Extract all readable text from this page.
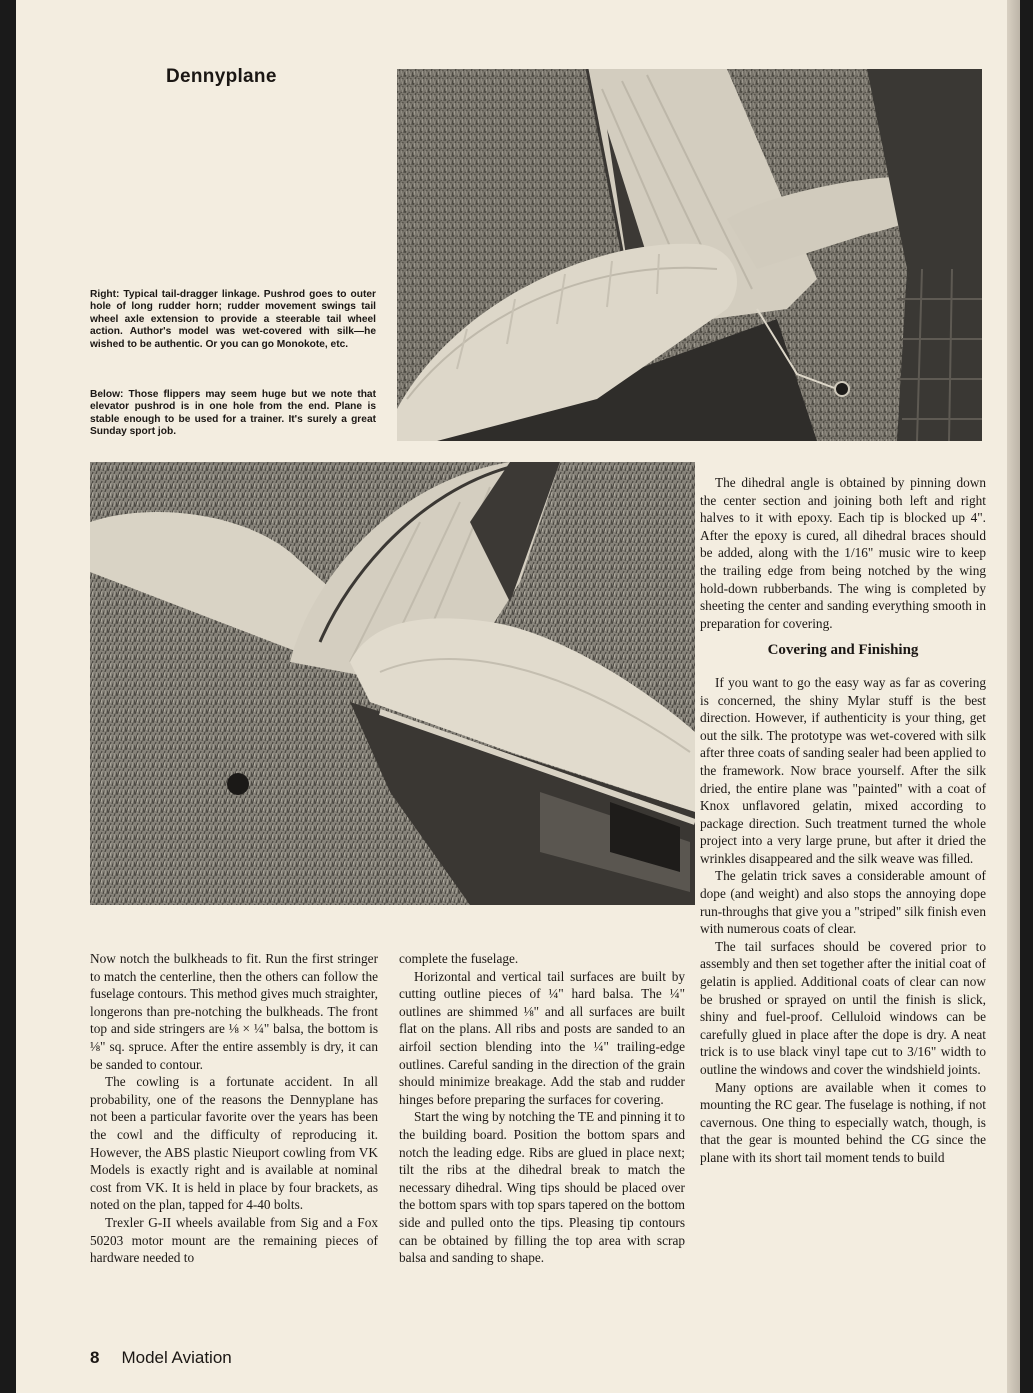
Dennyplane
Right: Typical tail-dragger linkage. Pushrod goes to outer hole of long rudder horn; rudder movement swings tail wheel axle extension to provide a steerable tail wheel action. Author's model was wet-covered with silk—he wished to be authentic. Or you can go Monokote, etc.
Below: Those flippers may seem huge but we note that elevator pushrod is in one hole from the end. Plane is stable enough to be used for a trainer. It's surely a great Sunday sport job.

The dihedral angle is obtained by pinning down the center section and joining both left and right halves to it with epoxy. Each tip is blocked up 4". After the epoxy is cured, all dihedral braces should be added, along with the 1/16" music wire to keep the trailing edge from being notched by the wing hold-down rubberbands. The wing is completed by sheeting the center and sanding everything smooth in preparation for covering.

Covering and Finishing

If you want to go the easy way as far as covering is concerned, the shiny Mylar stuff is the best direction. However, if authenticity is your thing, get out the silk. The prototype was wet-covered with silk after three coats of sanding sealer had been applied to the framework. Now brace yourself. After the silk dried, the entire plane was "painted" with a coat of Knox unflavored gelatin, mixed according to package direction. Such treatment turned the whole project into a very large prune, but after it dried the wrinkles disappeared and the silk weave was filled.

The gelatin trick saves a considerable amount of dope (and weight) and also stops the annoying dope run-throughs that give you a "striped" silk finish even with numerous coats of clear.

The tail surfaces should be covered prior to assembly and then set together after the initial coat of gelatin is applied. Additional coats of clear can now be brushed or sprayed on until the finish is slick, shiny and fuel-proof. Celluloid windows can be carefully glued in place after the dope is dry. A neat trick is to use black vinyl tape cut to 3/16" width to outline the windows and cover the windshield joints.

Many options are available when it comes to mounting the RC gear. The fuselage is nothing, if not cavernous. One thing to especially watch, though, is that the gear is mounted behind the CG since the plane with its short tail moment tends to build

Now notch the bulkheads to fit. Run the first stringer to match the centerline, then the others can follow the fuselage contours. This method gives much straighter, longerons than pre-notching the bulkheads. The front top and side stringers are ⅛ × ¼" balsa, the bottom is ⅛" sq. spruce. After the entire assembly is dry, it can be sanded to contour.

The cowling is a fortunate accident. In all probability, one of the reasons the Dennyplane has not been a particular favorite over the years has been the cowl and the difficulty of reproducing it. However, the ABS plastic Nieuport cowling from VK Models is exactly right and is available at nominal cost from VK. It is held in place by four brackets, as noted on the plan, tapped for 4-40 bolts.

Trexler G-II wheels available from Sig and a Fox 50203 motor mount are the remaining pieces of hardware needed to

complete the fuselage.

Horizontal and vertical tail surfaces are built by cutting outline pieces of ¼" hard balsa. The ¼" outlines are shimmed ⅛" and all surfaces are built flat on the plans. All ribs and posts are sanded to an airfoil section blending into the ¼" trailing-edge outlines. Careful sanding in the direction of the grain should minimize breakage. Add the stab and rudder hinges before preparing the surfaces for covering.

Start the wing by notching the TE and pinning it to the building board. Position the bottom spars and notch the leading edge. Ribs are glued in place next; tilt the ribs at the dihedral break to match the necessary dihedral. Wing tips should be placed over the bottom spars with top spars tapered on the bottom side and pulled onto the tips. Pleasing tip contours can be obtained by filling the top area with scrap balsa and sanding to shape.

8 Model Aviation
